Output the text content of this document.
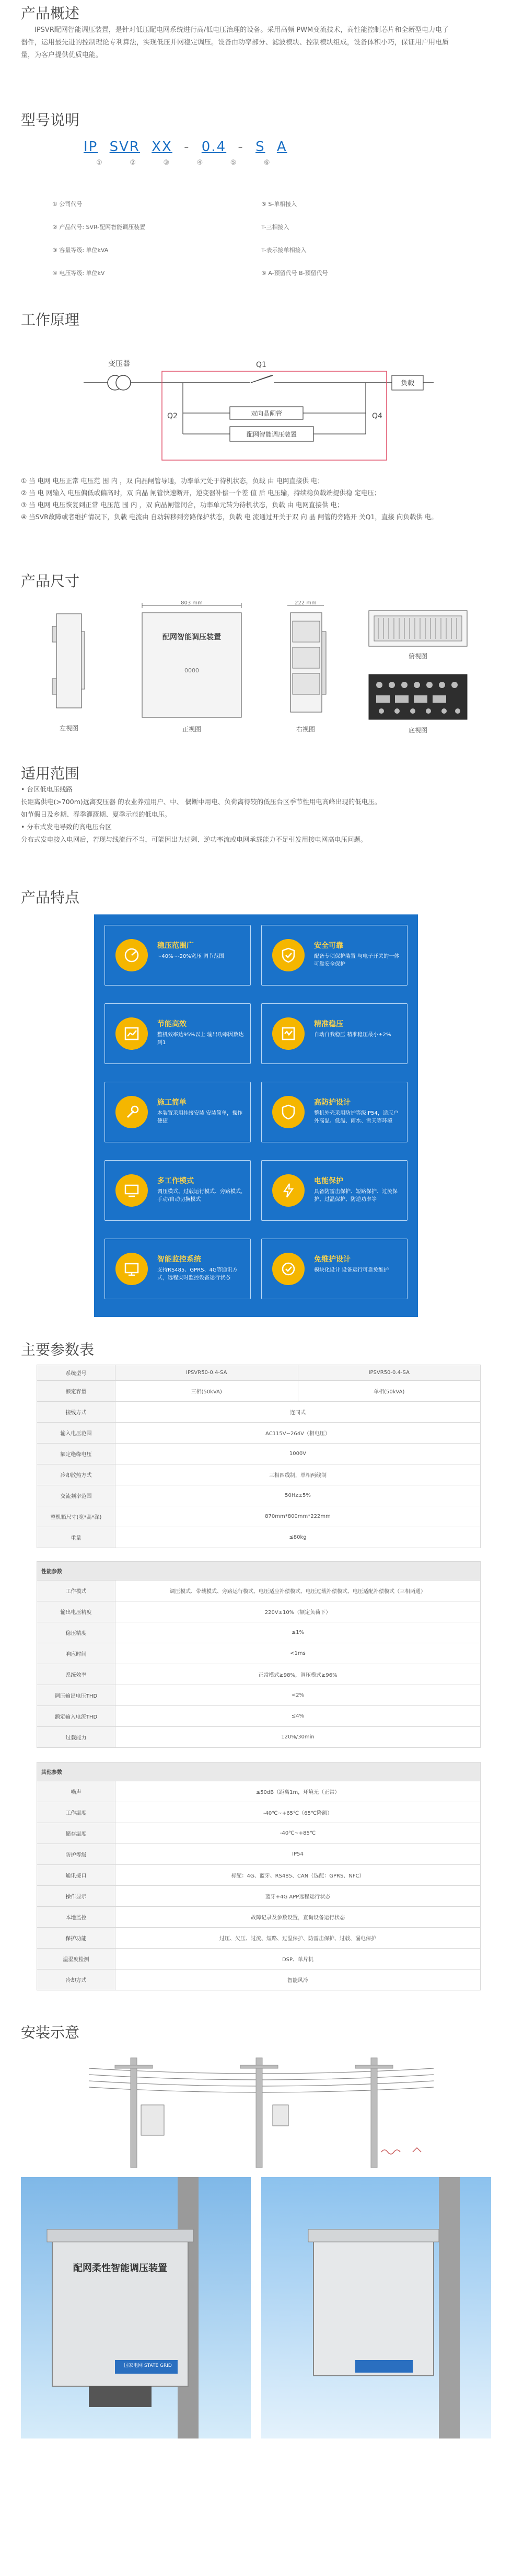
产品概述

IPSVR配网智能调压装置，是针对低压配电网系统进行高/低电压治理的设备。采用高频 PWM变流技术，高性能控制芯片和全新型电力电子器件，运用最先进的控制理论专利算法，实现低压并网稳定调压。设备由功率部分、滤波模块、控制模块组成，设备体积小巧，保证用户用电质量，为客户提供优质电能。

型号说明
IP SVR XX - 0.4 - S A
①	②	③	④	⑤	⑥
① 公司代号	⑤ S-单相接入
② 产品代号: SVR-配网智能调压装置	T-三相接入
③ 容量等级: 单位kVA	T-表示接单相接入
④ 电压等级: 单位kV	⑥ A-预留代号 B-预留代号
工作原理
变压器	Q1
负载
Q2	Q4
双向晶闸管
配网智能调压装置

① 当 电网 电压正常 电压范 围 内 ，双 向晶闸管导通，功率单元处于待机状态，负载 由 电网直接供 电；

② 当 电 网输入 电压偏低或偏高时，双 向晶 闸管快速断开，逆变器补偿一个差 值 后 电压输，持续稳负载端提供稳 定电压；

③ 当 电网 电压恢复到正常 电压范 围 内 ，双 向晶闸管闭合，功率单元转为待机状态，负载 由 电网直接供 电；

④ 当SVR故障或者维护情况下，负载 电流由 自动转移到旁路保护状态，负载 电 流通过开关于双 向 晶 闸管的旁路开 关Q1，直接 向负载供 电。

产品尺寸
左视图
803 mm
配网智能调压装置
0000
正视图
222 mm
右视图
俯视图
底视图
适用范围

• 台区低电压线路

长距离供电(>700m)远离变压器 的农业养殖用户、中、 偶断中用电、负荷离得较的低压台区季节性用电高峰出现的低电压。

如节假日及乡期、春季灌溉期、夏季示范的低电压。

• 分布式发电导致的高电压台区

分布式发电接入电网后，若现与线流行不当，可能因出力过剩、逆功率流或电网承载能力不足引发用接电网高电压问题。

产品特点
稳压范围广
~40%~-20%宽压 调节范围
安全可靠
配备专项保护装置 与电子开关的一体可靠安全保护
节能高效
整机效率达95%以上 输出功率因数达到1
精准稳压
自动自我稳压 精准稳压最小±2%
施工简单
本装置采用挂接安装 安装简单，操作便捷
高防护设计
整机外壳采用防护等级IP54，适应户外高温、低温、雨水、雪天等环境
多工作模式
调压模式、过载运行模式、旁路模式，手动/自动切换模式
电能保护
具备防雷击保护、短路保护、过流保护、过温保护、防逆功率等
智能监控系统
支持RS485、GPRS、4G等通讯方式，远程实时监控设备运行状态
免维护设计
模块化设计 设备运行可靠免维护
主要参数表
系统型号	IPSVR50-0.4-SA	IPSVR50-0.4-SA
额定容量	三相(50kVA)	单相(50kVA)
接线方式	连同式	
输入电压范围	AC115V~264V（相电压）	
额定绝缘电压	1000V	
冷却散热方式	三相四线制，单相两线制	
交流频率范围	50Hz±5%	
整机箱尺寸(宽*高*深)	870mm*800mm*222mm	
重量	≤80kg	
性能参数	
工作模式	调压模式、带载模式、旁路运行模式、电压适应补偿模式、电压过载补偿模式、电压适配补偿模式（三相两通）
输出电压精度	220V±10%（额定负荷下）
稳压精度	≤1%
响应时间	<1ms
系统效率	正常模式≥98%，调压模式≥96%
调压输出电压THD	<2%
额定输入电流THD	≤4%
过载能力	120%/30min
其他参数	
噪声	≤50dB（距离1m，环境无（正常）
工作温度	-40℃~+65℃（65℃降额）
储存温度	-40℃~+85℃
防护等级	IP54
通讯接口	标配：4G、蓝牙、RS485、CAN（选配：GPRS、NFC）
操作显示	蓝牙+4G APP远程运行状态
本地监控	故障记录及参数设置，查询设备运行状态
保护功能	过压、欠压、过流、短路、过温保护、防雷击保护、过载、漏电保护
温湿度检测	DSP、单片机
冷却方式	智能风冷
安装示意
配网柔性智能调压装置
国家电网 STATE GRID
